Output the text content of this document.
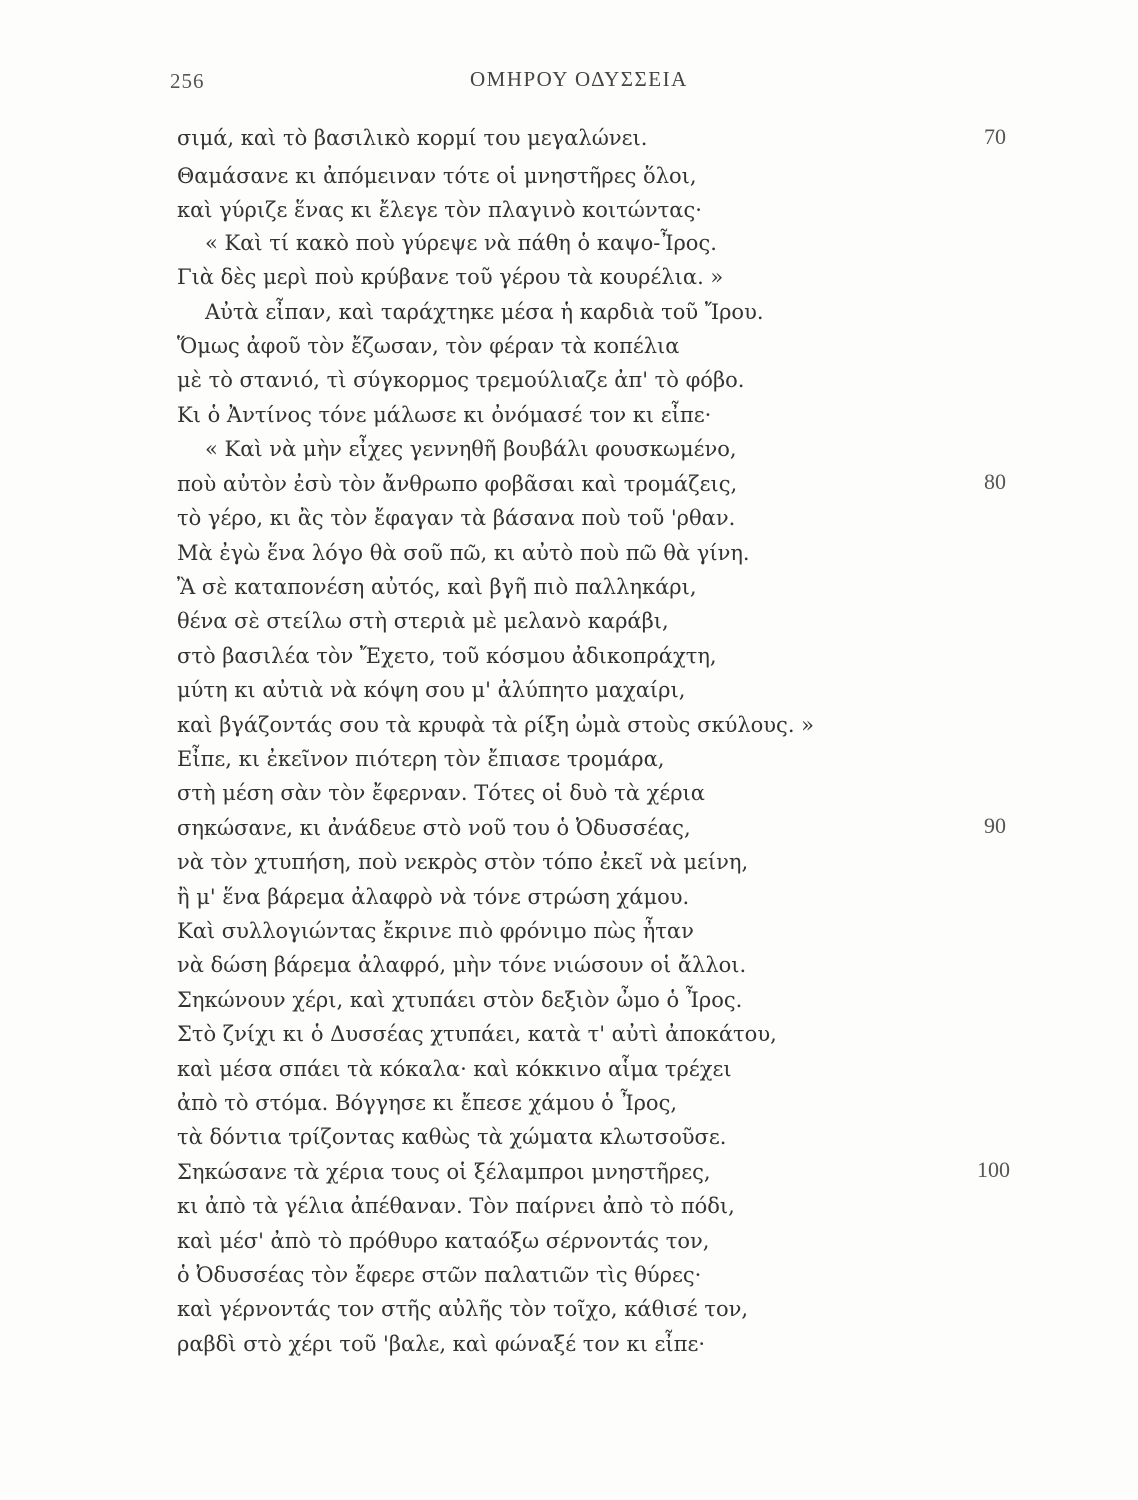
256	ΟΜΗΡΟΥ ΟΔΥΣΣΕΙΑ
σιμά, καὶ τὸ βασιλικὸ κορμί του μεγαλώνει.
Θαμάσανε κι ἀπόμειναν τότε οἱ μνηστῆρες ὅλοι,
καὶ γύριζε ἕνας κι ἔλεγε τὸν πλαγινὸ κοιτώντας·
« Καὶ τί κακὸ ποὺ γύρεψε νὰ πάθη ὁ καψο-Ἶρος.
Γιὰ δὲς μερὶ ποὺ κρύβανε τοῦ γέρου τὰ κουρέλια. »
Αὐτὰ εἶπαν, καὶ ταράχτηκε μέσα ἡ καρδιὰ τοῦ Ἴρου.
Ὅμως ἀφοῦ τὸν ἔζωσαν, τὸν φέραν τὰ κοπέλια
μὲ τὸ στανιό, τὶ σύγκορμος τρεμούλιαζε ἀπ' τὸ φόβο.
Κι ὁ Ἀντίνος τόνε μάλωσε κι ὀνόμασέ τον κι εἶπε·
« Καὶ νὰ μὴν εἶχες γεννηθῆ βουβάλι φουσκωμένο,
ποὺ αὐτὸν ἐσὺ τὸν ἄνθρωπο φοβᾶσαι καὶ τρομάζεις,
τὸ γέρο, κι ἂς τὸν ἔφαγαν τὰ βάσανα ποὺ τοῦ 'ρθαν.
Μὰ ἐγὼ ἕνα λόγο θὰ σοῦ πῶ, κι αὐτὸ ποὺ πῶ θὰ γίνη.
Ἂ σὲ καταπονέση αὐτός, καὶ βγῆ πιὸ παλληκάρι,
θένα σὲ στείλω στὴ στεριὰ μὲ μελανὸ καράβι,
στὸ βασιλέα τὸν Ἔχετο, τοῦ κόσμου ἀδικοπράχτη,
μύτη κι αὐτιὰ νὰ κόψη σου μ' ἀλύπητο μαχαίρι,
καὶ βγάζοντάς σου τὰ κρυφὰ τὰ ρίξη ὠμὰ στοὺς σκύλους. »
Εἶπε, κι ἐκεῖνον πιότερη τὸν ἔπιασε τρομάρα,
στὴ μέση σὰν τὸν ἔφερναν. Τότες οἱ δυὸ τὰ χέρια
σηκώσανε, κι ἀνάδευε στὸ νοῦ του ὁ Ὀδυσσέας,
νὰ τὸν χτυπήση, ποὺ νεκρὸς στὸν τόπο ἐκεῖ νὰ μείνη,
ἢ μ' ἕνα βάρεμα ἀλαφρὸ νὰ τόνε στρώση χάμου.
Καὶ συλλογιώντας ἔκρινε πιὸ φρόνιμο πὼς ἦταν
νὰ δώση βάρεμα ἀλαφρό, μὴν τόνε νιώσουν οἱ ἄλλοι.
Σηκώνουν χέρι, καὶ χτυπάει στὸν δεξιὸν ὦμο ὁ Ἶρος.
Στὸ ζνίχι κι ὁ Δυσσέας χτυπάει, κατὰ τ' αὐτὶ ἀποκάτου,
καὶ μέσα σπάει τὰ κόκαλα· καὶ κόκκινο αἷμα τρέχει
ἀπὸ τὸ στόμα. Βόγγησε κι ἔπεσε χάμου ὁ Ἶρος,
τὰ δόντια τρίζοντας καθὼς τὰ χώματα κλωτσοῦσε.
Σηκώσανε τὰ χέρια τους οἱ ξέλαμπροι μνηστῆρες,
κι ἀπὸ τὰ γέλια ἀπέθαναν. Τὸν παίρνει ἀπὸ τὸ πόδι,
καὶ μέσ' ἀπὸ τὸ πρόθυρο καταόξω σέρνοντάς τον,
ὁ Ὀδυσσέας τὸν ἔφερε στῶν παλατιῶν τὶς θύρες·
καὶ γέρνοντάς τον στῆς αὐλῆς τὸν τοῖχο, κάθισέ τον,
ραβδὶ στὸ χέρι τοῦ 'βαλε, καὶ φώναξέ τον κι εἶπε·
70
80
90
100
